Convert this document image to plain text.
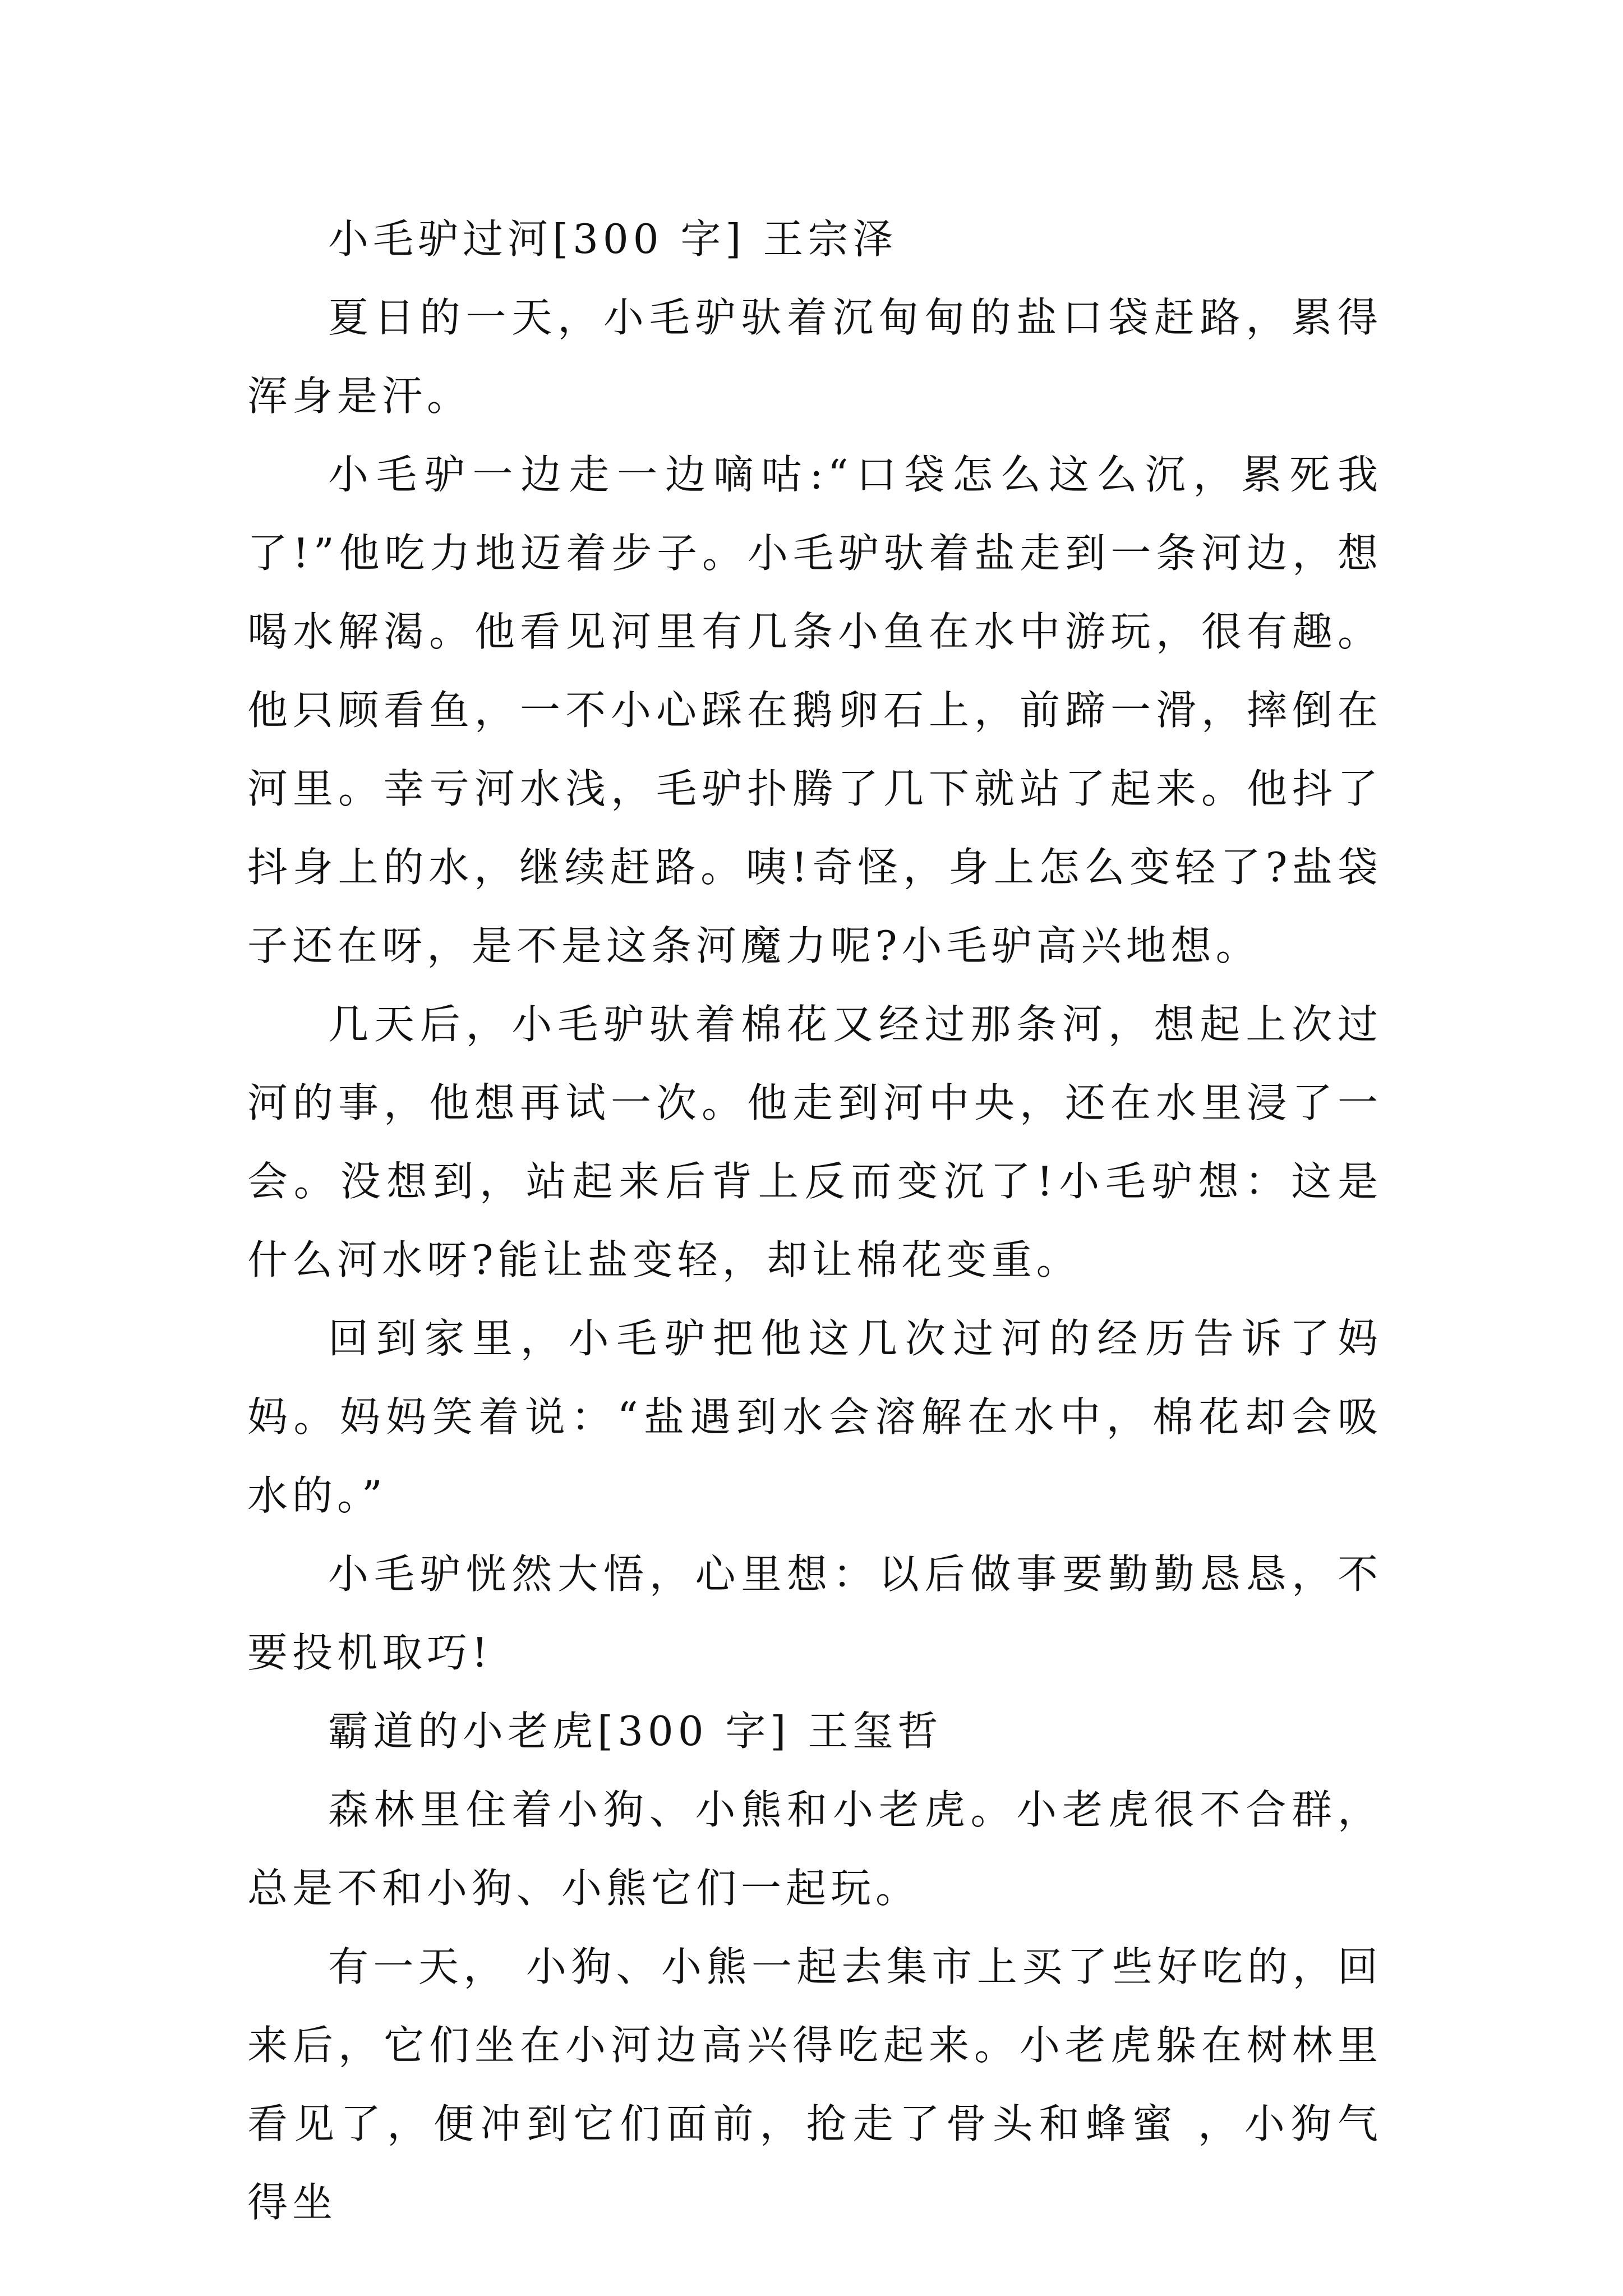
小毛驴过河[300 字] 王宗泽

夏日的一天，小毛驴驮着沉甸甸的盐口袋赶路，累得浑身是汗。

小毛驴一边走一边嘀咕:“口袋怎么这么沉，累死我了!”他吃力地迈着步子。小毛驴驮着盐走到一条河边，想喝水解渴。他看见河里有几条小鱼在水中游玩，很有趣。他只顾看鱼，一不小心踩在鹅卵石上，前蹄一滑，摔倒在河里。幸亏河水浅，毛驴扑腾了几下就站了起来。他抖了抖身上的水，继续赶路。咦!奇怪，身上怎么变轻了?盐袋子还在呀，是不是这条河魔力呢?小毛驴高兴地想。

几天后，小毛驴驮着棉花又经过那条河，想起上次过河的事，他想再试一次。他走到河中央，还在水里浸了一会。没想到，站起来后背上反而变沉了!小毛驴想：这是什么河水呀?能让盐变轻，却让棉花变重。

回到家里，小毛驴把他这几次过河的经历告诉了妈妈。妈妈笑着说：“盐遇到水会溶解在水中，棉花却会吸水的。”

小毛驴恍然大悟，心里想：以后做事要勤勤恳恳，不要投机取巧!

霸道的小老虎[300 字] 王玺哲

森林里住着小狗、小熊和小老虎。小老虎很不合群，总是不和小狗、小熊它们一起玩。

有一天， 小狗、小熊一起去集市上买了些好吃的，回来后，它们坐在小河边高兴得吃起来。小老虎躲在树林里看见了，便冲到它们面前，抢走了骨头和蜂蜜 ，小狗气得坐
